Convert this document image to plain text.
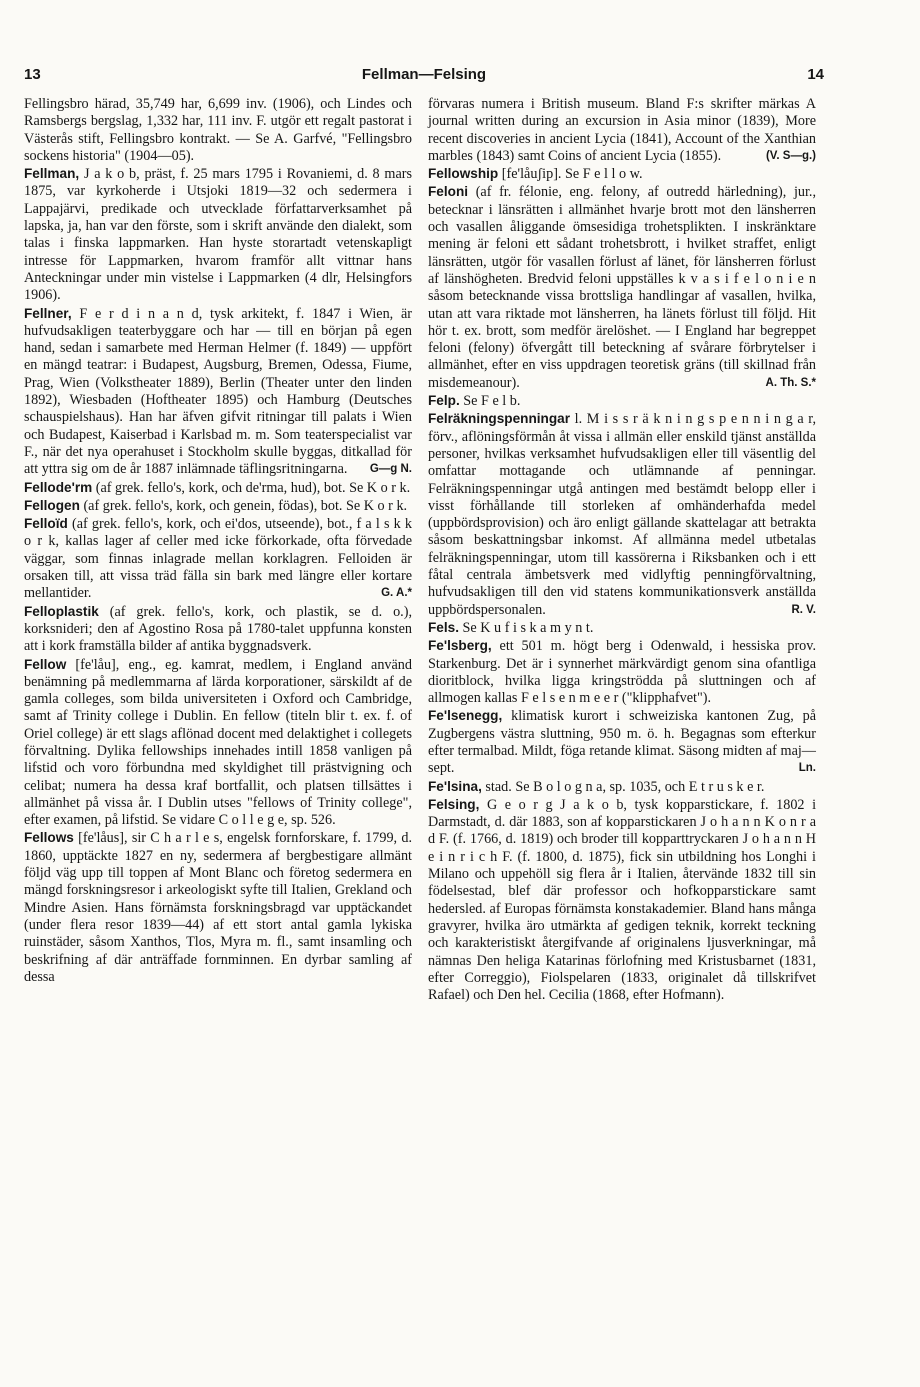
13	Fellman—Felsing	14
Fellingsbro härad, 35,749 har, 6,699 inv. (1906), och Lindes och Ramsbergs bergslag, 1,332 har, 111 inv. F. utgör ett regalt pastorat i Västerås stift, Fellingsbro kontrakt. — Se A. Garfvé, "Fellingsbro sockens historia" (1904—05).
Fellman, J a k o b, präst, f. 25 mars 1795 i Rovaniemi, d. 8 mars 1875, var kyrkoherde i Utsjoki 1819—32 och sedermera i Lappajärvi, predikade och utvecklade författarverksamhet på lapska, ja, han var den förste, som i skrift använde den dialekt, som talas i finska lappmarken. Han hyste storartadt vetenskapligt intresse för Lappmarken, hvarom framför allt vittnar hans Anteckningar under min vistelse i Lappmarken (4 dlr, Helsingfors 1906).
Fellner, F e r d i n a n d, tysk arkitekt, f. 1847 i Wien, är hufvudsakligen teaterbyggare och har — till en början på egen hand, sedan i samarbete med Herman Helmer (f. 1849) — uppfört en mängd teatrar: i Budapest, Augsburg, Bremen, Odessa, Fiume, Prag, Wien (Volkstheater 1889), Berlin (Theater unter den linden 1892), Wiesbaden (Hoftheater 1895) och Hamburg (Deutsches schauspielshaus). Han har äfven gifvit ritningar till palats i Wien och Budapest, Kaiserbad i Karlsbad m. m. Som teaterspecialist var F., när det nya operahuset i Stockholm skulle byggas, ditkallad för att yttra sig om de år 1887 inlämnade täflingsritningarna.	G—g N.
Fellode'rm (af grek. fello's, kork, och de'rma, hud), bot. Se K o r k.
Fellogen (af grek. fello's, kork, och genein, födas), bot. Se K o r k.
Felloïd (af grek. fello's, kork, och ei'dos, utseende), bot., f a l s k k o r k, kallas lager af celler med icke förkorkade, ofta förvedade väggar, som finnas inlagrade mellan korklagren. Felloiden är orsaken till, att vissa träd fälla sin bark med längre eller kortare mellantider.	G. A.*
Felloplastik (af grek. fello's, kork, och plastik, se d. o.), korksnideri; den af Agostino Rosa på 1780-talet uppfunna konsten att i kork framställa bilder af antika byggnadsverk.
Fellow [fe'låu], eng., eg. kamrat, medlem, i England använd benämning på medlemmarna af lärda korporationer, särskildt af de gamla colleges, som bilda universiteten i Oxford och Cambridge, samt af Trinity college i Dublin. En fellow (titeln blir t. ex. f. of Oriel college) är ett slags aflönad docent med delaktighet i collegets förvaltning. Dylika fellowships innehades intill 1858 vanligen på lifstid och voro förbundna med skyldighet till prästvigning och celibat; numera ha dessa kraf bortfallit, och platsen tillsättes i allmänhet på vissa år. I Dublin utses "fellows of Trinity college", efter examen, på lifstid. Se vidare C o l l e g e, sp. 526.
Fellows [fe'låus], sir C h a r l e s, engelsk fornforskare, f. 1799, d. 1860, upptäckte 1827 en ny, sedermera af bergbestigare allmänt följd väg upp till toppen af Mont Blanc och företog sedermera en mängd forskningsresor i arkeologiskt syfte till Italien, Grekland och Mindre Asien. Hans förnämsta forskningsbragd var upptäckandet (under flera resor 1839—44) af ett stort antal gamla lykiska ruinstäder, såsom Xanthos, Tlos, Myra m. fl., samt insamling och beskrifning af där anträffade fornminnen. En dyrbar samling af dessa
förvaras numera i British museum. Bland F:s skrifter märkas A journal written during an excursion in Asia minor (1839), More recent discoveries in ancient Lycia (1841), Account of the Xanthian marbles (1843) samt Coins of ancient Lycia (1855).	(V. S—g.)
Fellowship [fe'låuʃip]. Se F e l l o w.
Feloni (af fr. félonie, eng. felony, af outredd härledning), jur., betecknar i länsrätten i allmänhet hvarje brott mot den länsherren och vasallen åliggande ömsesidiga trohetsplikten. I inskränktare mening är feloni ett sådant trohetsbrott, i hvilket straffet, enligt länsrätten, utgör för vasallen förlust af länet, för länsherren förlust af länshögheten. Bredvid feloni uppställes k v a s i f e l o n i e n såsom betecknande vissa brottsliga handlingar af vasallen, hvilka, utan att vara riktade mot länsherren, ha länets förlust till följd. Hit hör t. ex. brott, som medför ärelöshet. — I England har begreppet feloni (felony) öfvergått till beteckning af svårare förbrytelser i allmänhet, efter en viss uppdragen teoretisk gräns (till skillnad från misdemeanour).	A. Th. S.*
Felp. Se F e l b.
Felräkningspenningar l. M i s s r ä k n i n g s p e n n i n g a r, förv., aflöningsförmån åt vissa i allmän eller enskild tjänst anställda personer, hvilkas verksamhet hufvudsakligen eller till väsentlig del omfattar mottagande och utlämnande af penningar. Felräkningspenningar utgå antingen med bestämdt belopp eller i visst förhållande till storleken af omhänderhafda medel (uppbördsprovision) och äro enligt gällande skattelagar att betrakta såsom beskattningsbar inkomst. Af allmänna medel utbetalas felräkningspenningar, utom till kassörerna i Riksbanken och i ett fåtal centrala ämbetsverk med vidlyftig penningförvaltning, hufvudsakligen till den vid statens kommunikationsverk anställda uppbördspersonalen.	R. V.
Fels. Se K u f i s k a m y n t.
Fe'lsberg, ett 501 m. högt berg i Odenwald, i hessiska prov. Starkenburg. Det är i synnerhet märkvärdigt genom sina ofantliga dioritblock, hvilka ligga kringströdda på sluttningen och af allmogen kallas F e l s e n m e e r ("klipphafvet").
Fe'lsenegg, klimatisk kurort i schweiziska kantonen Zug, på Zugbergens västra sluttning, 950 m. ö. h. Begagnas som efterkur efter termalbad. Mildt, föga retande klimat. Säsong midten af maj—sept.	Ln.
Fe'lsina, stad. Se B o l o g n a, sp. 1035, och E t r u s k e r.
Felsing, G e o r g J a k o b, tysk kopparstickare, f. 1802 i Darmstadt, d. där 1883, son af kopparstickaren J o h a n n K o n r a d F. (f. 1766, d. 1819) och broder till kopparttryckaren J o h a n n H e i n r i c h F. (f. 1800, d. 1875), fick sin utbildning hos Longhi i Milano och uppehöll sig flera år i Italien, återvände 1832 till sin födelsestad, blef där professor och hofkopparstickare samt hedersled. af Europas förnämsta konstakademier. Bland hans många gravyrer, hvilka äro utmärkta af gedigen teknik, korrekt teckning och karakteristiskt återgifvande af originalens ljusverkningar, må nämnas Den heliga Katarinas förlofning med Kristusbarnet (1831, efter Correggio), Fiolspelaren (1833, originalet då tillskrifvet Rafael) och Den hel. Cecilia (1868, efter Hofmann).
